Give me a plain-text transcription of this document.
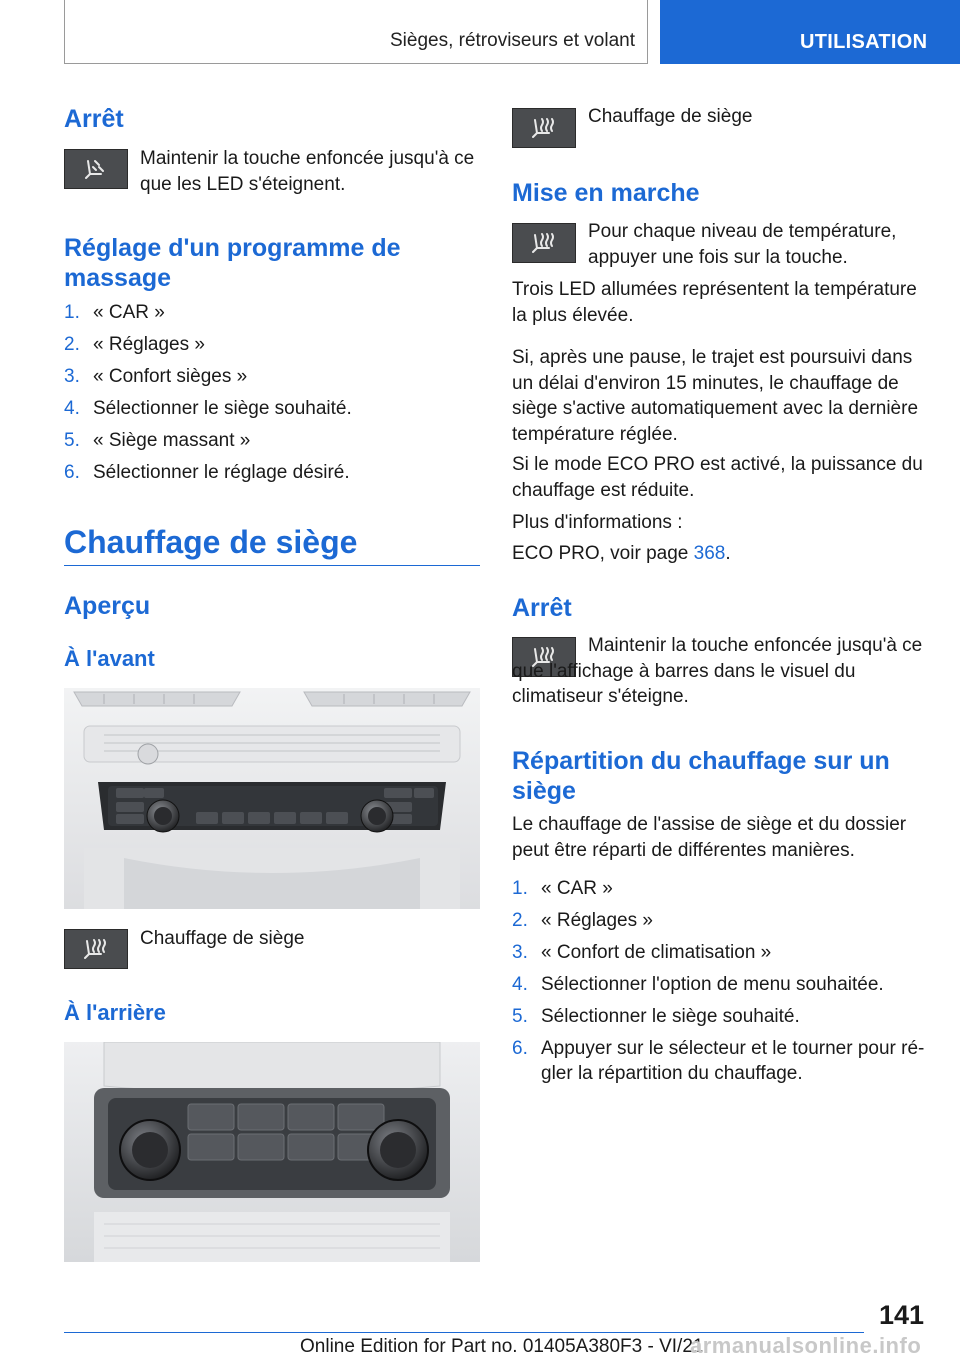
Sièges, rétroviseurs et volant	UTILISATION
Arrêt
Maintenir la touche enfoncée jusqu'à ce que les LED s'éteignent.
Réglage d'un programme de massage
1. « CAR »
2. « Réglages »
3. « Confort sièges »
4. Sélectionner le siège souhaité.
5. « Siège massant »
6. Sélectionner le réglage désiré.
Chauffage de siège
Aperçu
À l'avant
Chauffage de siège
À l'arrière
Chauffage de siège
Mise en marche
Pour chaque niveau de température, appuyer une fois sur la touche.

Trois LED allumées représentent la température la plus élevée.

Si, après une pause, le trajet est poursuivi dans un délai d'environ 15 minutes, le chauffage de siège s'active automatiquement avec la dernière température réglée.

Si le mode ECO PRO est activé, la puissance du chauffage est réduite.

Plus d'informations :

ECO PRO, voir page 368.

Arrêt
Maintenir la touche enfoncée jusqu'à ce que l'affichage à barres dans le visuel du climatiseur s'éteigne.
Répartition du chauffage sur un siège

Le chauffage de l'assise de siège et du dossier peut être réparti de différentes manières.

1. « CAR »
2. « Réglages »
3. « Confort de climatisation »
4. Sélectionner l'option de menu souhaitée.
5. Sélectionner le siège souhaité.
6. Appuyer sur le sélecteur et le tourner pour ré‐gler la répartition du chauffage.
141
Online Edition for Part no. 01405A380F3 - VI/21
armanualsonline.info
